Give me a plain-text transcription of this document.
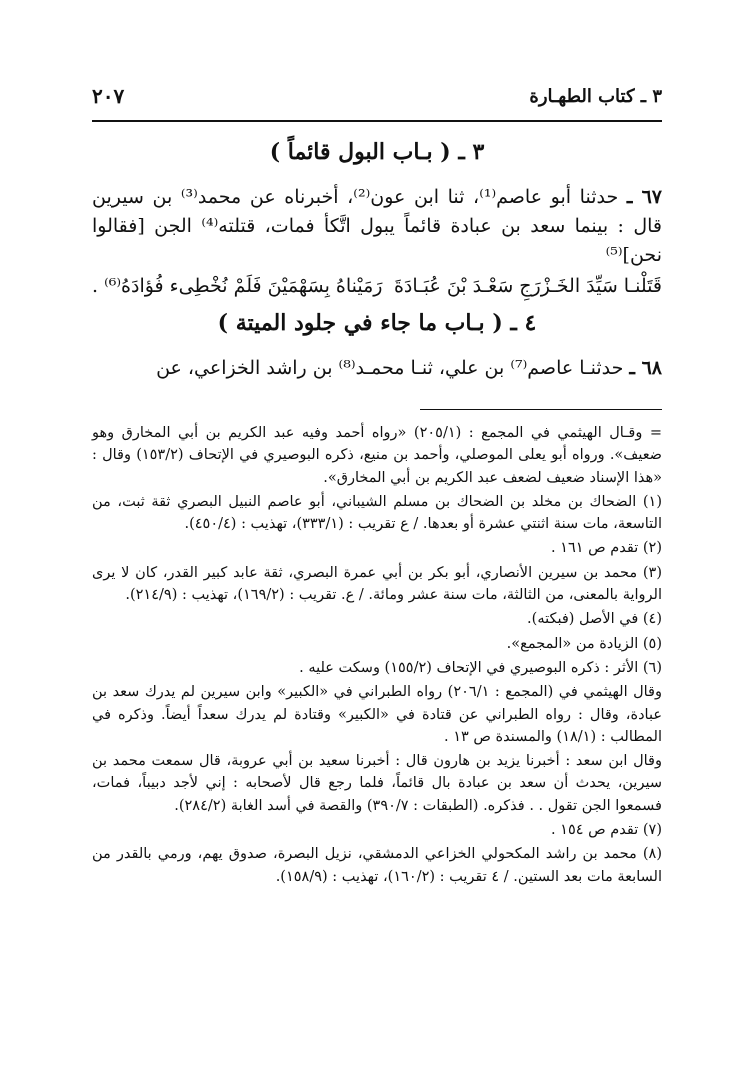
٣ ـ كتاب الطهـارة
٢٠٧
٣ ـ ( بـاب البول قائماً )
٦٧ ـ حدثنا أبو عاصم⁽¹⁾، ثنا ابن عون⁽²⁾، أخبرناه عن محمد⁽³⁾ بن سيرين قال : بينما سعد بن عبادة قائماً يبول اتَّكأ فمات، قتلته⁽⁴⁾ الجن [فقالوا نحن]⁽⁵⁾
قَتَلْنـا سَيِّدَ الخَـزْرَجِ سَعْـدَ بْنَ عُبَـادَةَ
رَمَيْناهُ بِسَهْمَيْنَ فَلَمْ نُخْطِىء فُؤادَهُ⁽⁶⁾ .
٤ ـ ( بـاب ما جاء في جلود الميتة )
٦٨ ـ حدثنـا عاصم⁽⁷⁾ بن علي، ثنـا محمـد⁽⁸⁾ بن راشد الخزاعي، عن

= وقـال الهيثمي في المجمع : (٢٠٥/١) «رواه أحمد وفيه عبد الكريم بن أبي المخارق وهو ضعيف». ورواه أبو يعلى الموصلي، وأحمد بن منيع، ذكره البوصيري في الإتحاف (١٥٣/٢) وقال : «هذا الإسناد ضعيف لضعف عبد الكريم بن أبي المخارق».

(١) الضحاك بن مخلد بن الضحاك بن مسلم الشيباني، أبو عاصم النبيل البصري ثقة ثبت، من التاسعة، مات سنة اثنتي عشرة أو بعدها. / ع تقريب : (٣٣٣/١)، تهذيب : (٤٥٠/٤).

(٢) تقدم ص ١٦١ .

(٣) محمد بن سيرين الأنصاري، أبو بكر بن أبي عمرة البصري، ثقة عابد كبير القدر، كان لا يرى الرواية بالمعنى، من الثالثة، مات سنة عشر ومائة. / ع. تقريب : (١٦٩/٢)، تهذيب : (٢١٤/٩).

(٤) في الأصل (فبكته).

(٥) الزيادة من «المجمع».

(٦) الأثر : ذكره البوصيري في الإتحاف (١٥٥/٢) وسكت عليه .

وقال الهيثمي في (المجمع : ٢٠٦/١) رواه الطبراني في «الكبير» وابن سيرين لم يدرك سعد بن عبادة، وقال : رواه الطبراني عن قتادة في «الكبير» وقتادة لم يدرك سعداً أيضاً. وذكره في المطالب : (١٨/١) والمسندة ص ١٣ .

وقال ابن سعد : أخبرنا يزيد بن هارون قال : أخبرنا سعيد بن أبي عروبة، قال سمعت محمد بن سيرين، يحدث أن سعد بن عبادة بال قائماً، فلما رجع قال لأصحابه : إني لأجد دبيباً، فمات، فسمعوا الجن تقول . . فذكره. (الطبقات : ٣٩٠/٧) والقصة في أسد الغابة (٢٨٤/٢).

(٧) تقدم ص ١٥٤ .

(٨) محمد بن راشد المكحولي الخزاعي الدمشقي، نزيل البصرة، صدوق يهم، ورمي بالقدر من السابعة مات بعد الستين. / ٤ تقريب : (١٦٠/٢)، تهذيب : (١٥٨/٩).
